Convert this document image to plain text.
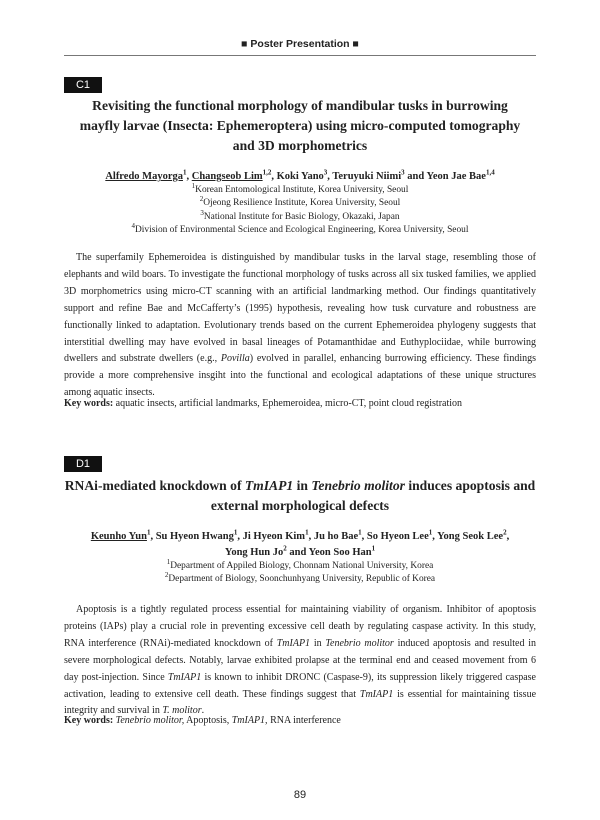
■ Poster Presentation ■
C1
Revisiting the functional morphology of mandibular tusks in burrowing
mayfly larvae (Insecta: Ephemeroptera) using micro-computed tomography
and 3D morphometrics
Alfredo Mayorga$^1$, Changseob Lim$^{1,2}$, Koki Yano$^3$, Teruyuki Niimi$^3$ and Yeon Jae Bae$^{1,4}$
$^1$Korean Entomological Institute, Korea University, Seoul
$^2$Ojeong Resilience Institute, Korea University, Seoul
$^3$National Institute for Basic Biology, Okazaki, Japan
$^4$Division of Environmental Science and Ecological Engineering, Korea University, Seoul

The superfamily Ephemeroidea is distinguished by mandibular tusks in the larval stage, resembling those of elephants and wild boars. To investigate the functional morphology of tusks across all six tusked families, we applied 3D morphometrics using micro-CT scanning with an artificial landmarking method. Our findings quantitatively support and refine Bae and McCafferty’s (1995) hypothesis, revealing how tusk curvature and robustness are functionally linked to adaptation. Evolutionary trends based on the current Ephemeroidea phylogeny suggests that interstitial dwelling may have evolved in basal lineages of Potamanthidae and Euthyplociidae, while burrowing dwellers and substrate dwellers (e.g., Povilla) evolved in parallel, enhancing burrowing efficiency. These findings provide a more comprehensive insgiht into the functional and ecological adaptations of these unique structures among aquatic insects.

Key words: aquatic insects, artificial landmarks, Ephemeroidea, micro-CT, point cloud registration
D1
RNAi-mediated knockdown of TmIAP1 in Tenebrio molitor induces apoptosis and
external morphological defects
Keunho Yun$^1$, Su Hyeon Hwang$^1$, Ji Hyeon Kim$^1$, Ju ho Bae$^1$, So Hyeon Lee$^1$, Yong Seok Lee$^2$,
Yong Hun Jo$^2$ and Yeon Soo Han$^1$
$^1$Department of Appiled Biology, Chonnam National University, Korea
$^2$Department of Biology, Soonchunhyang University, Republic of Korea

Apoptosis is a tightly regulated process essential for maintaining viability of organism. Inhibitor of apoptosis proteins (IAPs) play a crucial role in preventing excessive cell death by regulating caspase activity. In this study, RNA interference (RNAi)-mediated knockdown of TmIAP1 in Tenebrio molitor induced apoptosis and resulted in severe morphological defects. Notably, larvae exhibited prolapse at the terminal end and ceased movement from 6 day post-injection. Since TmIAP1 is known to inhibit DRONC (Caspase-9), its suppression likely triggered caspase activation, leading to extensive cell death. These findings suggest that TmIAP1 is essential for maintaining tissue integrity and survival in T. molitor.

Key words: Tenebrio molitor, Apoptosis, TmIAP1, RNA interference
89
